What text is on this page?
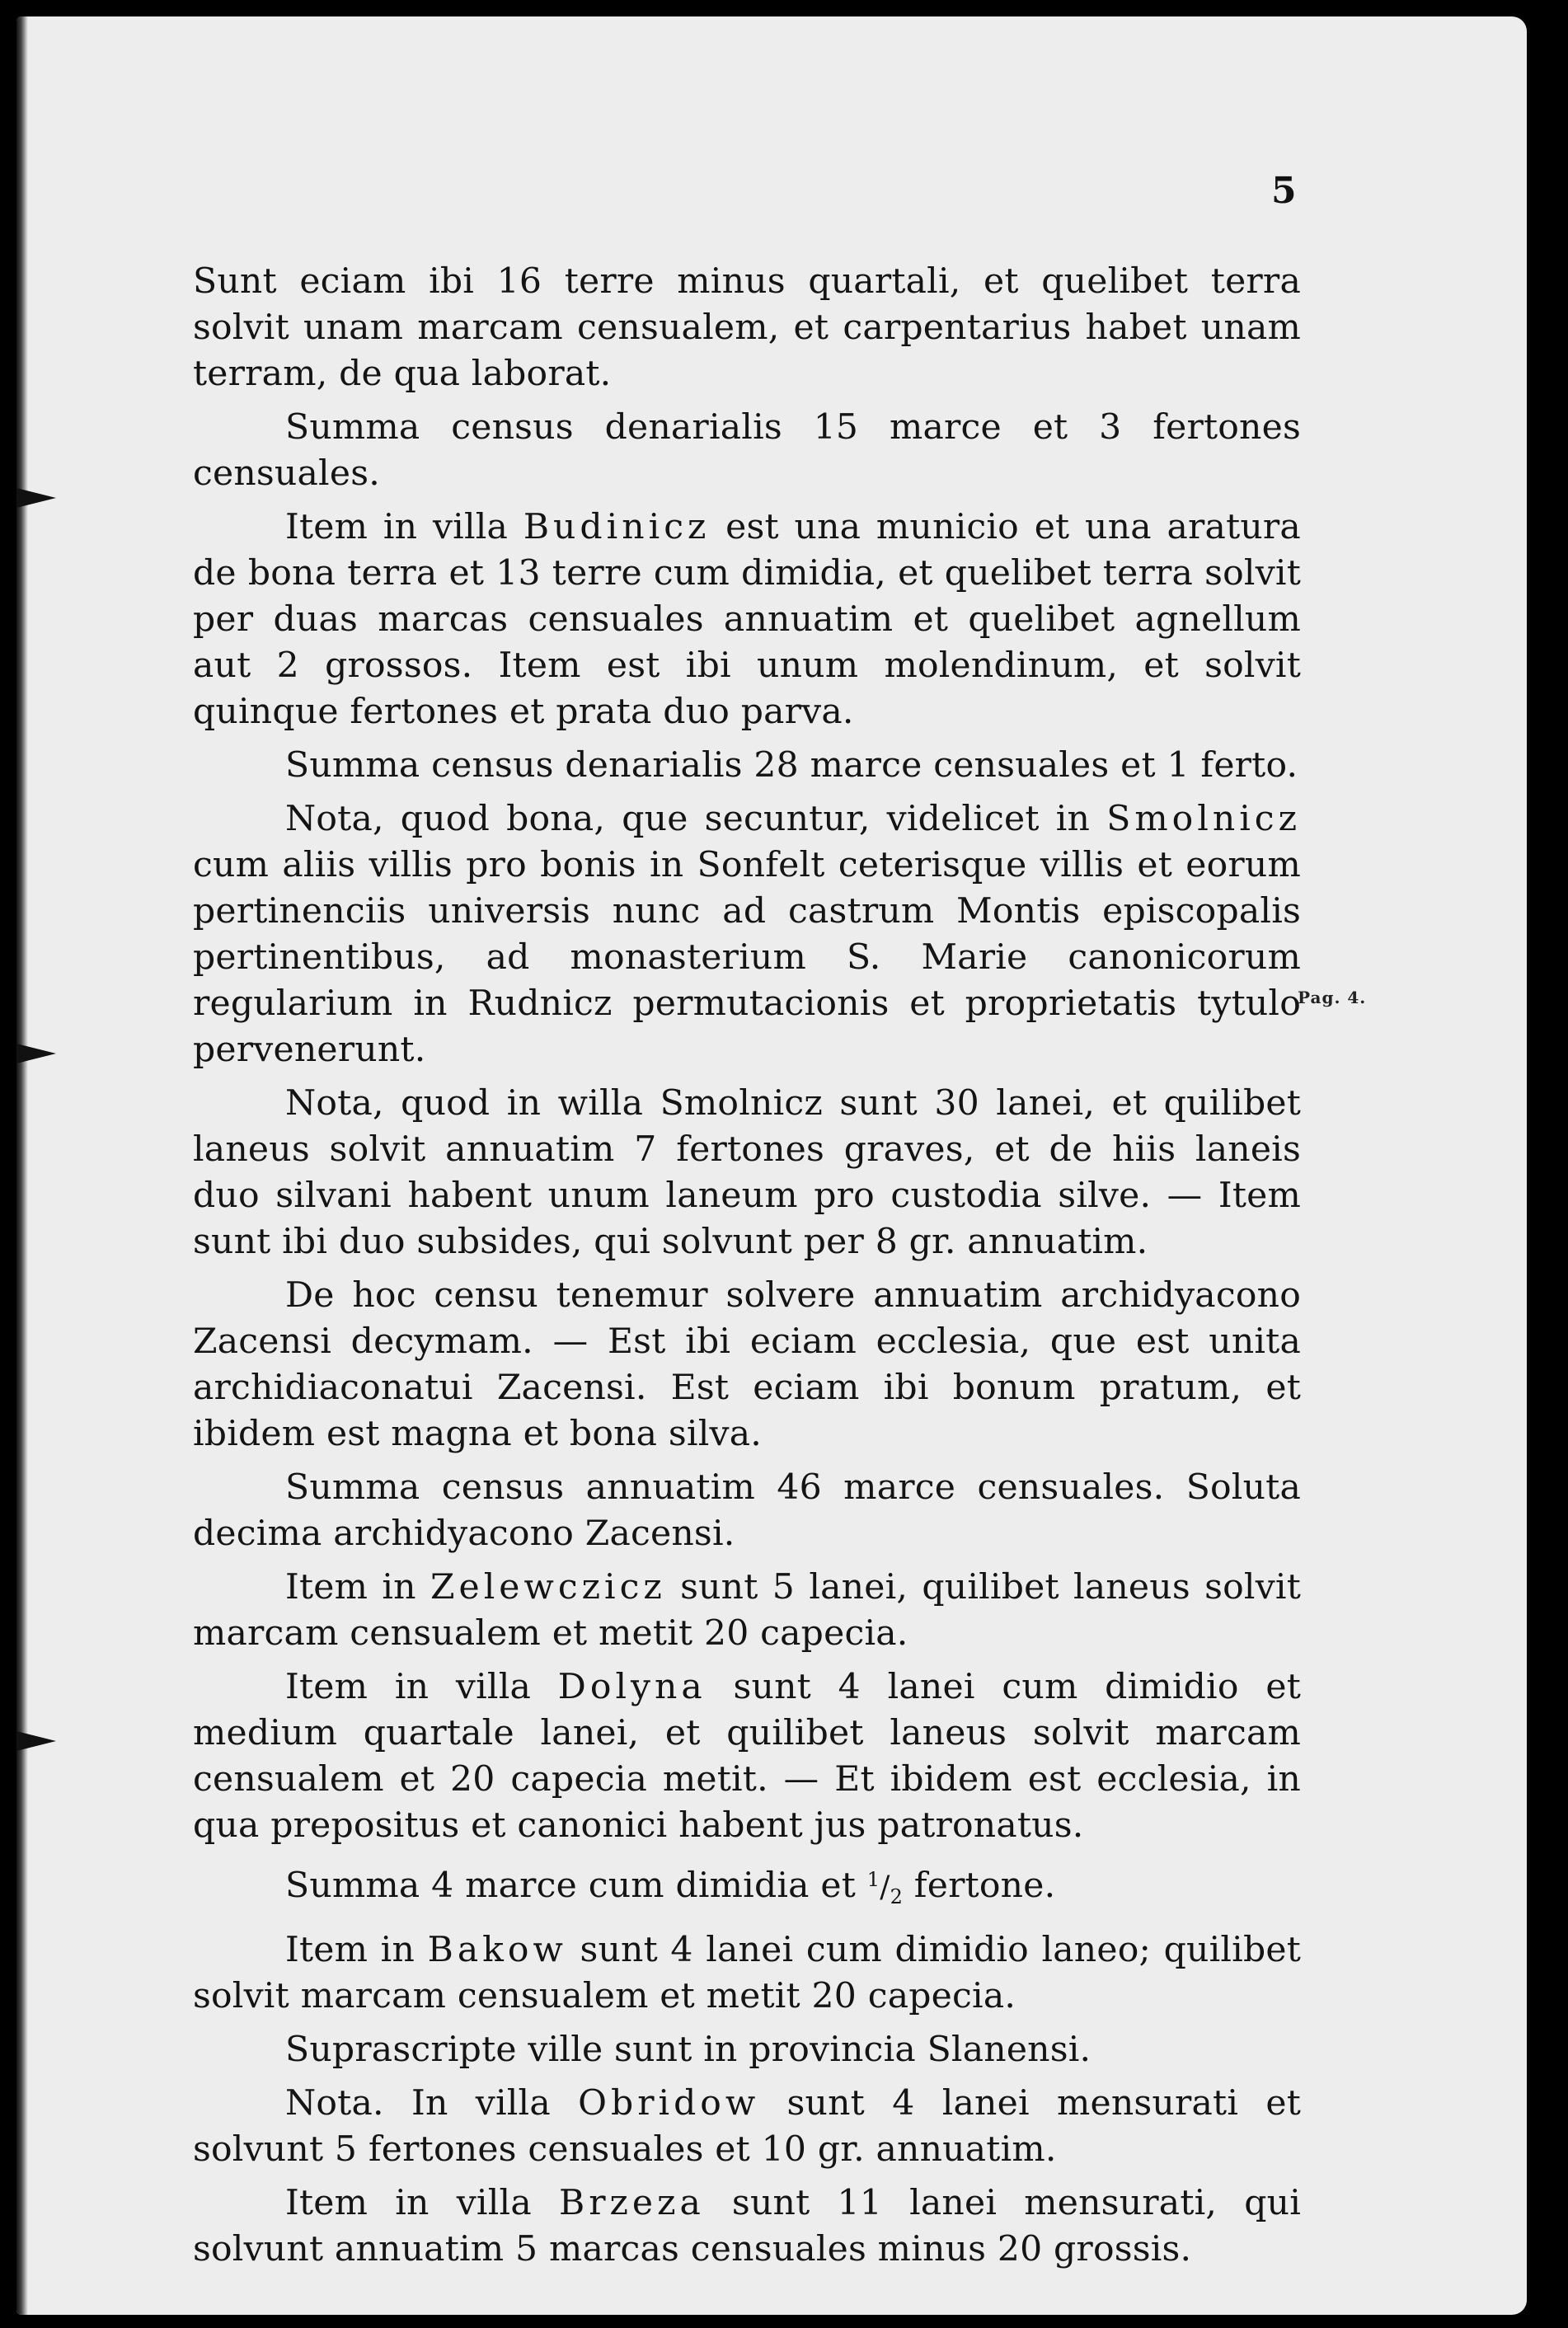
5

Pag. 4.

Sunt eciam ibi 16 terre minus quartali, et quelibet terra solvit unam marcam censualem, et carpentarius habet unam terram, de qua laborat.

Summa census denarialis 15 marce et 3 fertones censuales.

Item in villa Budinicz est una municio et una aratura de bona terra et 13 terre cum dimidia, et quelibet terra solvit per duas marcas censuales annuatim et quelibet agnellum aut 2 grossos. Item est ibi unum molendinum, et solvit quinque fertones et prata duo parva.

Summa census denarialis 28 marce censuales et 1 ferto.

Nota, quod bona, que secuntur, videlicet in Smolnicz cum aliis villis pro bonis in Sonfelt ceterisque villis et eorum pertinenciis universis nunc ad castrum Montis episcopalis pertinentibus, ad monasterium S. Marie canonicorum regularium in Rudnicz permutacionis et proprietatis tytulo pervenerunt.

Nota, quod in willa Smolnicz sunt 30 lanei, et quilibet laneus solvit annuatim 7 fertones graves, et de hiis laneis duo silvani habent unum laneum pro custodia silve. — Item sunt ibi duo subsides, qui solvunt per 8 gr. annuatim.

De hoc censu tenemur solvere annuatim archidyacono Zacensi decymam. — Est ibi eciam ecclesia, que est unita archidiaconatui Zacensi. Est eciam ibi bonum pratum, et ibidem est magna et bona silva.

Summa census annuatim 46 marce censuales. Soluta decima archidyacono Zacensi.

Item in Zelewczicz sunt 5 lanei, quilibet laneus solvit marcam censualem et metit 20 capecia.

Item in villa Dolyna sunt 4 lanei cum dimidio et medium quartale lanei, et quilibet laneus solvit marcam censualem et 20 capecia metit. — Et ibidem est ecclesia, in qua prepositus et canonici habent jus patronatus.

Summa 4 marce cum dimidia et $^1/_2$ fertone.

Item in Bakow sunt 4 lanei cum dimidio laneo; quilibet solvit marcam censualem et metit 20 capecia.

Suprascripte ville sunt in provincia Slanensi.

Nota. In villa Obridow sunt 4 lanei mensurati et solvunt 5 fertones censuales et 10 gr. annuatim.

Item in villa Brzeza sunt 11 lanei mensurati, qui solvunt annuatim 5 marcas censuales minus 20 grossis.
